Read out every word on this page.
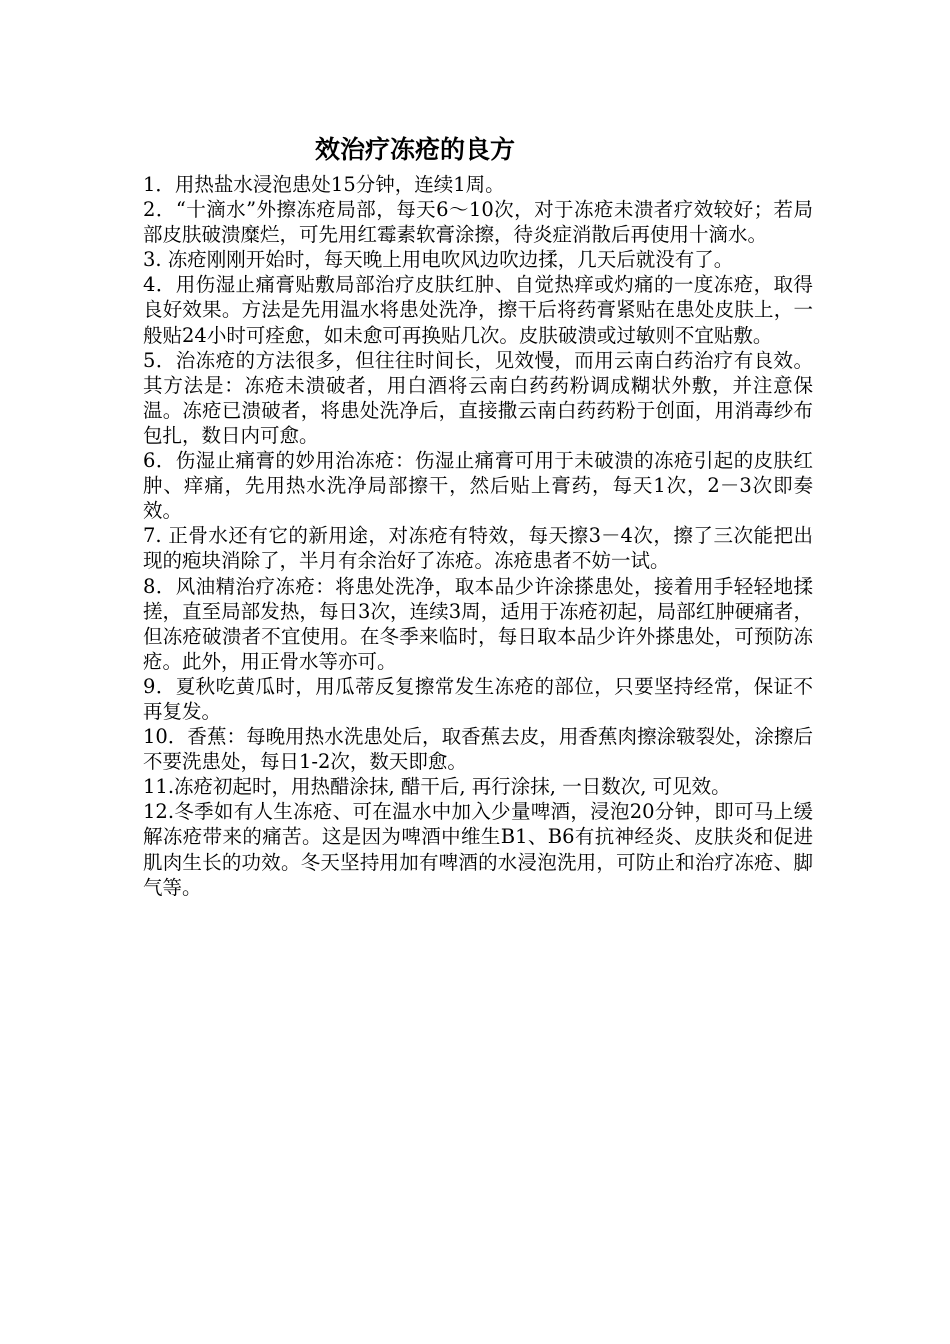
效治疗冻疮的良方

1．用热盐水浸泡患处15分钟，连续1周。

2．“十滴水”外擦冻疮局部，每天6～10次，对于冻疮未溃者疗效较好；若局部皮肤破溃糜烂，可先用红霉素软膏涂擦，待炎症消散后再使用十滴水。

3. 冻疮刚刚开始时，每天晚上用电吹风边吹边揉，几天后就没有了。

4．用伤湿止痛膏贴敷局部治疗皮肤红肿、自觉热痒或灼痛的一度冻疮，取得良好效果。方法是先用温水将患处洗净，擦干后将药膏紧贴在患处皮肤上，一般贴24小时可痊愈，如未愈可再换贴几次。皮肤破溃或过敏则不宜贴敷。

5．治冻疮的方法很多，但往往时间长，见效慢，而用云南白药治疗有良效。其方法是：冻疮未溃破者，用白酒将云南白药药粉调成糊状外敷，并注意保温。冻疮已溃破者，将患处洗净后，直接撒云南白药药粉于创面，用消毒纱布包扎，数日内可愈。

6．伤湿止痛膏的妙用治冻疮：伤湿止痛膏可用于未破溃的冻疮引起的皮肤红肿、痒痛，先用热水洗净局部擦干，然后贴上膏药，每天1次，2－3次即奏效。

7. 正骨水还有它的新用途，对冻疮有特效，每天擦3－4次，擦了三次能把出现的疱块消除了，半月有余治好了冻疮。冻疮患者不妨一试。

8．风油精治疗冻疮：将患处洗净，取本品少许涂搽患处，接着用手轻轻地揉搓，直至局部发热，每日3次，连续3周，适用于冻疮初起，局部红肿硬痛者，但冻疮破溃者不宜使用。在冬季来临时，每日取本品少许外搽患处，可预防冻疮。此外，用正骨水等亦可。

9．夏秋吃黄瓜时，用瓜蒂反复擦常发生冻疮的部位，只要坚持经常，保证不再复发。

10．香蕉：每晚用热水洗患处后，取香蕉去皮，用香蕉肉擦涂皲裂处，涂擦后不要洗患处，每日1-2次，数天即愈。

11.冻疮初起时，用热醋涂抹, 醋干后, 再行涂抹, 一日数次, 可见效。

12.冬季如有人生冻疮、可在温水中加入少量啤酒，浸泡20分钟，即可马上缓解冻疮带来的痛苦。这是因为啤酒中维生B1、B6有抗神经炎、皮肤炎和促进肌肉生长的功效。冬天坚持用加有啤酒的水浸泡洗用，可防止和治疗冻疮、脚气等。
